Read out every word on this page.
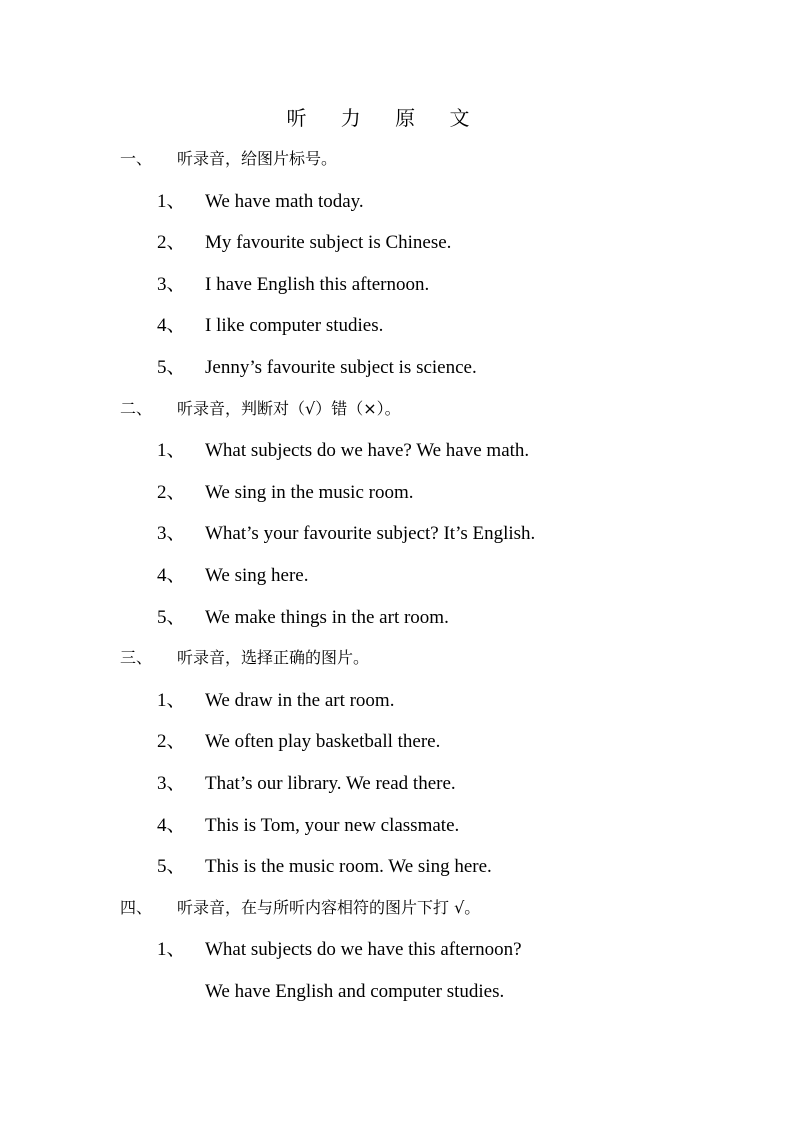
听 力 原 文
一、 听录音，给图片标号。
1、 We have math today.
2、 My favourite subject is Chinese.
3、 I have English this afternoon.
4、 I like computer studies.
5、 Jenny’s favourite subject is science.
二、 听录音，判断对（√）错（×）。
1、 What subjects do we have? We have math.
2、 We sing in the music room.
3、 What’s your favourite subject? It’s English.
4、 We sing here.
5、 We make things in the art room.
三、 听录音，选择正确的图片。
1、 We draw in the art room.
2、 We often play basketball there.
3、 That’s our library. We read there.
4、 This is Tom, your new classmate.
5、 This is the music room. We sing here.
四、 听录音，在与所听内容相符的图片下打 √。
1、 What subjects do we have this afternoon?
We have English and computer studies.
